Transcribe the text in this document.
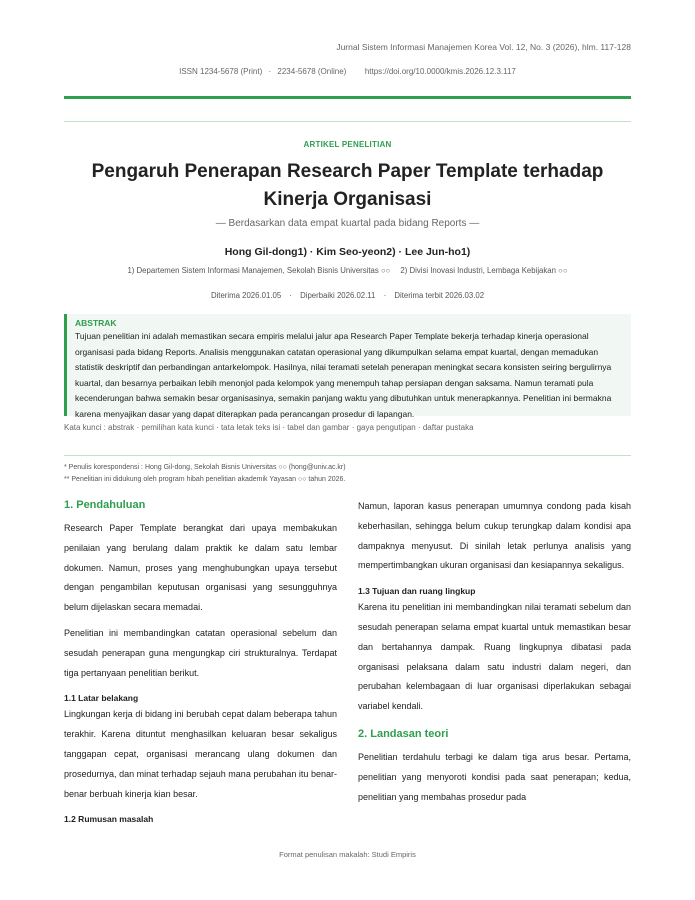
Jurnal Sistem Informasi Manajemen Korea Vol. 12, No. 3 (2026), hlm. 117-128
ISSN 1234-5678 (Print) · 2234-5678 (Online) https://doi.org/10.0000/kmis.2026.12.3.117
ARTIKEL PENELITIAN
Pengaruh Penerapan Research Paper Template terhadap Kinerja Organisasi
— Berdasarkan data empat kuartal pada bidang Reports —
Hong Gil-dong1) · Kim Seo-yeon2) · Lee Jun-ho1)
1) Departemen Sistem Informasi Manajemen, Sekolah Bisnis Universitas ○○ 2) Divisi Inovasi Industri, Lembaga Kebijakan ○○
Diterima 2026.01.05 · Diperbaiki 2026.02.11 · Diterima terbit 2026.03.02
ABSTRAK
Tujuan penelitian ini adalah memastikan secara empiris melalui jalur apa Research Paper Template bekerja terhadap kinerja operasional organisasi pada bidang Reports. Analisis menggunakan catatan operasional yang dikumpulkan selama empat kuartal, dengan memadukan statistik deskriptif dan perbandingan antarkelompok. Hasilnya, nilai teramati setelah penerapan meningkat secara konsisten seiring bergulirnya kuartal, dan besarnya perbaikan lebih menonjol pada kelompok yang menempuh tahap persiapan dengan saksama. Namun teramati pula kecenderungan bahwa semakin besar organisasinya, semakin panjang waktu yang dibutuhkan untuk menerapkannya. Penelitian ini bermakna karena menyajikan dasar yang dapat diterapkan pada perancangan prosedur di lapangan.
Kata kunci : abstrak · pemilihan kata kunci · tata letak teks isi · tabel dan gambar · gaya pengutipan · daftar pustaka
* Penulis korespondensi : Hong Gil-dong, Sekolah Bisnis Universitas ○○ (hong@univ.ac.kr)
** Penelitian ini didukung oleh program hibah penelitian akademik Yayasan ○○ tahun 2026.
1. Pendahuluan

Research Paper Template berangkat dari upaya membakukan penilaian yang berulang dalam praktik ke dalam satu lembar dokumen. Namun, proses yang menghubungkan upaya tersebut dengan pengambilan keputusan organisasi yang sesungguhnya belum dijelaskan secara memadai.

Penelitian ini membandingkan catatan operasional sebelum dan sesudah penerapan guna mengungkap ciri strukturalnya. Terdapat tiga pertanyaan penelitian berikut.

1.1 Latar belakang

Lingkungan kerja di bidang ini berubah cepat dalam beberapa tahun terakhir. Karena dituntut menghasilkan keluaran besar sekaligus tanggapan cepat, organisasi merancang ulang dokumen dan prosedurnya, dan minat terhadap sejauh mana perubahan itu benar-benar berbuah kinerja kian besar.

1.2 Rumusan masalah

Namun, laporan kasus penerapan umumnya condong pada kisah keberhasilan, sehingga belum cukup terungkap dalam kondisi apa dampaknya menyusut. Di sinilah letak perlunya analisis yang mempertimbangkan ukuran organisasi dan kesiapannya sekaligus.

1.3 Tujuan dan ruang lingkup

Karena itu penelitian ini membandingkan nilai teramati sebelum dan sesudah penerapan selama empat kuartal untuk memastikan besar dan bertahannya dampak. Ruang lingkupnya dibatasi pada organisasi pelaksana dalam satu industri dalam negeri, dan perubahan kelembagaan di luar organisasi diperlakukan sebagai variabel kendali.

2. Landasan teori

Penelitian terdahulu terbagi ke dalam tiga arus besar. Pertama, penelitian yang menyoroti kondisi pada saat penerapan; kedua, penelitian yang membahas prosedur pada

Format penulisan makalah: Studi Empiris
